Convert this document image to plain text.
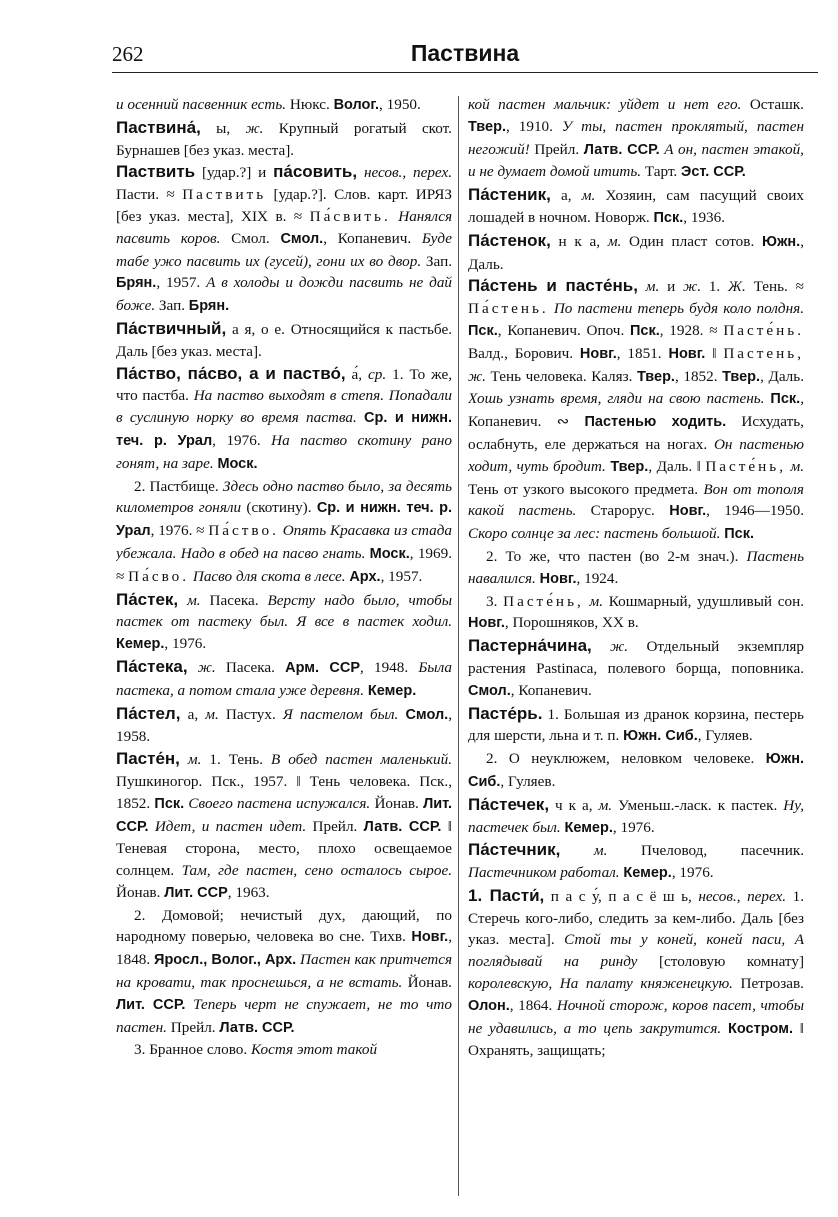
262	Паствина

и осенний пасвенник есть. Нюкс. Волог., 1950.

Паствина́, ы, ж. Крупный рогатый скот. Бурнашев [без указ. места].

Паствить [удар.?] и па́совить, несов., перех. Пасти. ≈ Паствить [удар.?]. Слов. карт. ИРЯЗ [без указ. места], XIX в. ≈ Па́свить. Нанялся пасвить коров. Смол. Смол., Копаневич. Буде табе ужо пасвить их (гусей), гони их во двор. Зап. Брян., 1957. А в холоды и дожди пасвить не дай боже. Зап. Брян.

Па́ствичный, а я, о е. Относящийся к пастьбе. Даль [без указ. места].

Па́ство, па́сво, а и паство́, а́, ср. 1. То же, что пастба. На паство выходят в степя. Попадали в суслиную норку во время паства. Ср. и нижн. теч. р. Урал, 1976. На паство скотину рано гонят, на заре. Моск.

2. Пастбище. Здесь одно паство было, за десять километров гоняли (скотину). Ср. и нижн. теч. р. Урал, 1976. ≈ Па́ство. Опять Красавка из стада убежала. Надо в обед на пасво гнать. Моск., 1969. ≈ Па́сво. Пасво для скота в лесе. Арх., 1957.

Па́стек, м. Пасека. Версту надо было, чтобы пастек от пастеку был. Я все в пастек ходил. Кемер., 1976.

Па́стека, ж. Пасека. Арм. ССР, 1948. Была пастека, а потом стала уже деревня. Кемер.

Па́стел, а, м. Пастух. Я пастелом был. Смол., 1958.

Пасте́н, м. 1. Тень. В обед пастен маленький. Пушкиногор. Пск., 1957. ‖ Тень человека. Пск., 1852. Пск. Своего пастена испужался. Йонав. Лит. ССР. Идет, и пастен идет. Прейл. Латв. ССР. ‖ Теневая сторона, место, плохо освещаемое солнцем. Там, где пастен, сено осталось сырое. Йонав. Лит. ССР, 1963.

2. Домовой; нечистый дух, дающий, по народному поверью, человека во сне. Тихв. Новг., 1848. Яросл., Волог., Арх. Пастен как притчется на кровати, так проснешься, а не встать. Йонав. Лит. ССР. Теперь черт не спужает, не то что пастен. Прейл. Латв. ССР.

3. Бранное слово. Костя этот такой

кой пастен мальчик: уйдет и нет его. Осташк. Твер., 1910. У ты, пастен проклятый, пастен негожий! Прейл. Латв. ССР. А он, пастен этакой, и не думает домой итить. Тарт. Эст. ССР.

Па́стеник, а, м. Хозяин, сам пасущий своих лошадей в ночном. Новорж. Пск., 1936.

Па́стенок, н к а, м. Один пласт сотов. Южн., Даль.

Па́стень и пасте́нь, м. и ж. 1. Ж. Тень. ≈ Па́стень. По пастени теперь будя коло полдня. Пск., Копаневич. Опоч. Пск., 1928. ≈ Пасте́нь. Валд., Борович. Новг., 1851. Новг. ‖ Пастень, ж. Тень человека. Каляз. Твер., 1852. Твер., Даль. Хошь узнать время, гляди на свою пастень. Пск., Копаневич. ∾ Пастенью ходить. Исхудать, ослабнуть, еле держаться на ногах. Он пастенью ходит, чуть бродит. Твер., Даль. ‖ Пасте́нь, м. Тень от узкого высокого предмета. Вон от тополя какой пастень. Старорус. Новг., 1946—1950. Скоро солнце за лес: пастень большой. Пск.

2. То же, что пастен (во 2-м знач.). Пастень навалился. Новг., 1924.

3. Пасте́нь, м. Кошмарный, удушливый сон. Новг., Порошняков, XX в.

Пастерна́чина, ж. Отдельный экземпляр растения Pastinaca, полевого борща, поповника. Смол., Копаневич.

Пасте́рь. 1. Большая из дранок корзина, пестерь для шерсти, льна и т. п. Южн. Сиб., Гуляев.

2. О неуклюжем, неловком человеке. Южн. Сиб., Гуляев.

Па́стечек, ч к а, м. Уменьш.-ласк. к пастек. Ну, пастечек был. Кемер., 1976.

Па́стечник, м. Пчеловод, пасечник. Пастечником работал. Кемер., 1976.

1. Пасти́, п а с у́, п а с ё ш ь, несов., перех. 1. Стеречь кого-либо, следить за кем-либо. Даль [без указ. места]. Стой ты у коней, коней паси, А поглядывай на ринду [столовую комнату] королевскую, На палату княженецкую. Петрозав. Олон., 1864. Ночной сторож, коров пасет, чтобы не удавились, а то цепь закрутится. Костром. ‖ Охранять, защищать;
